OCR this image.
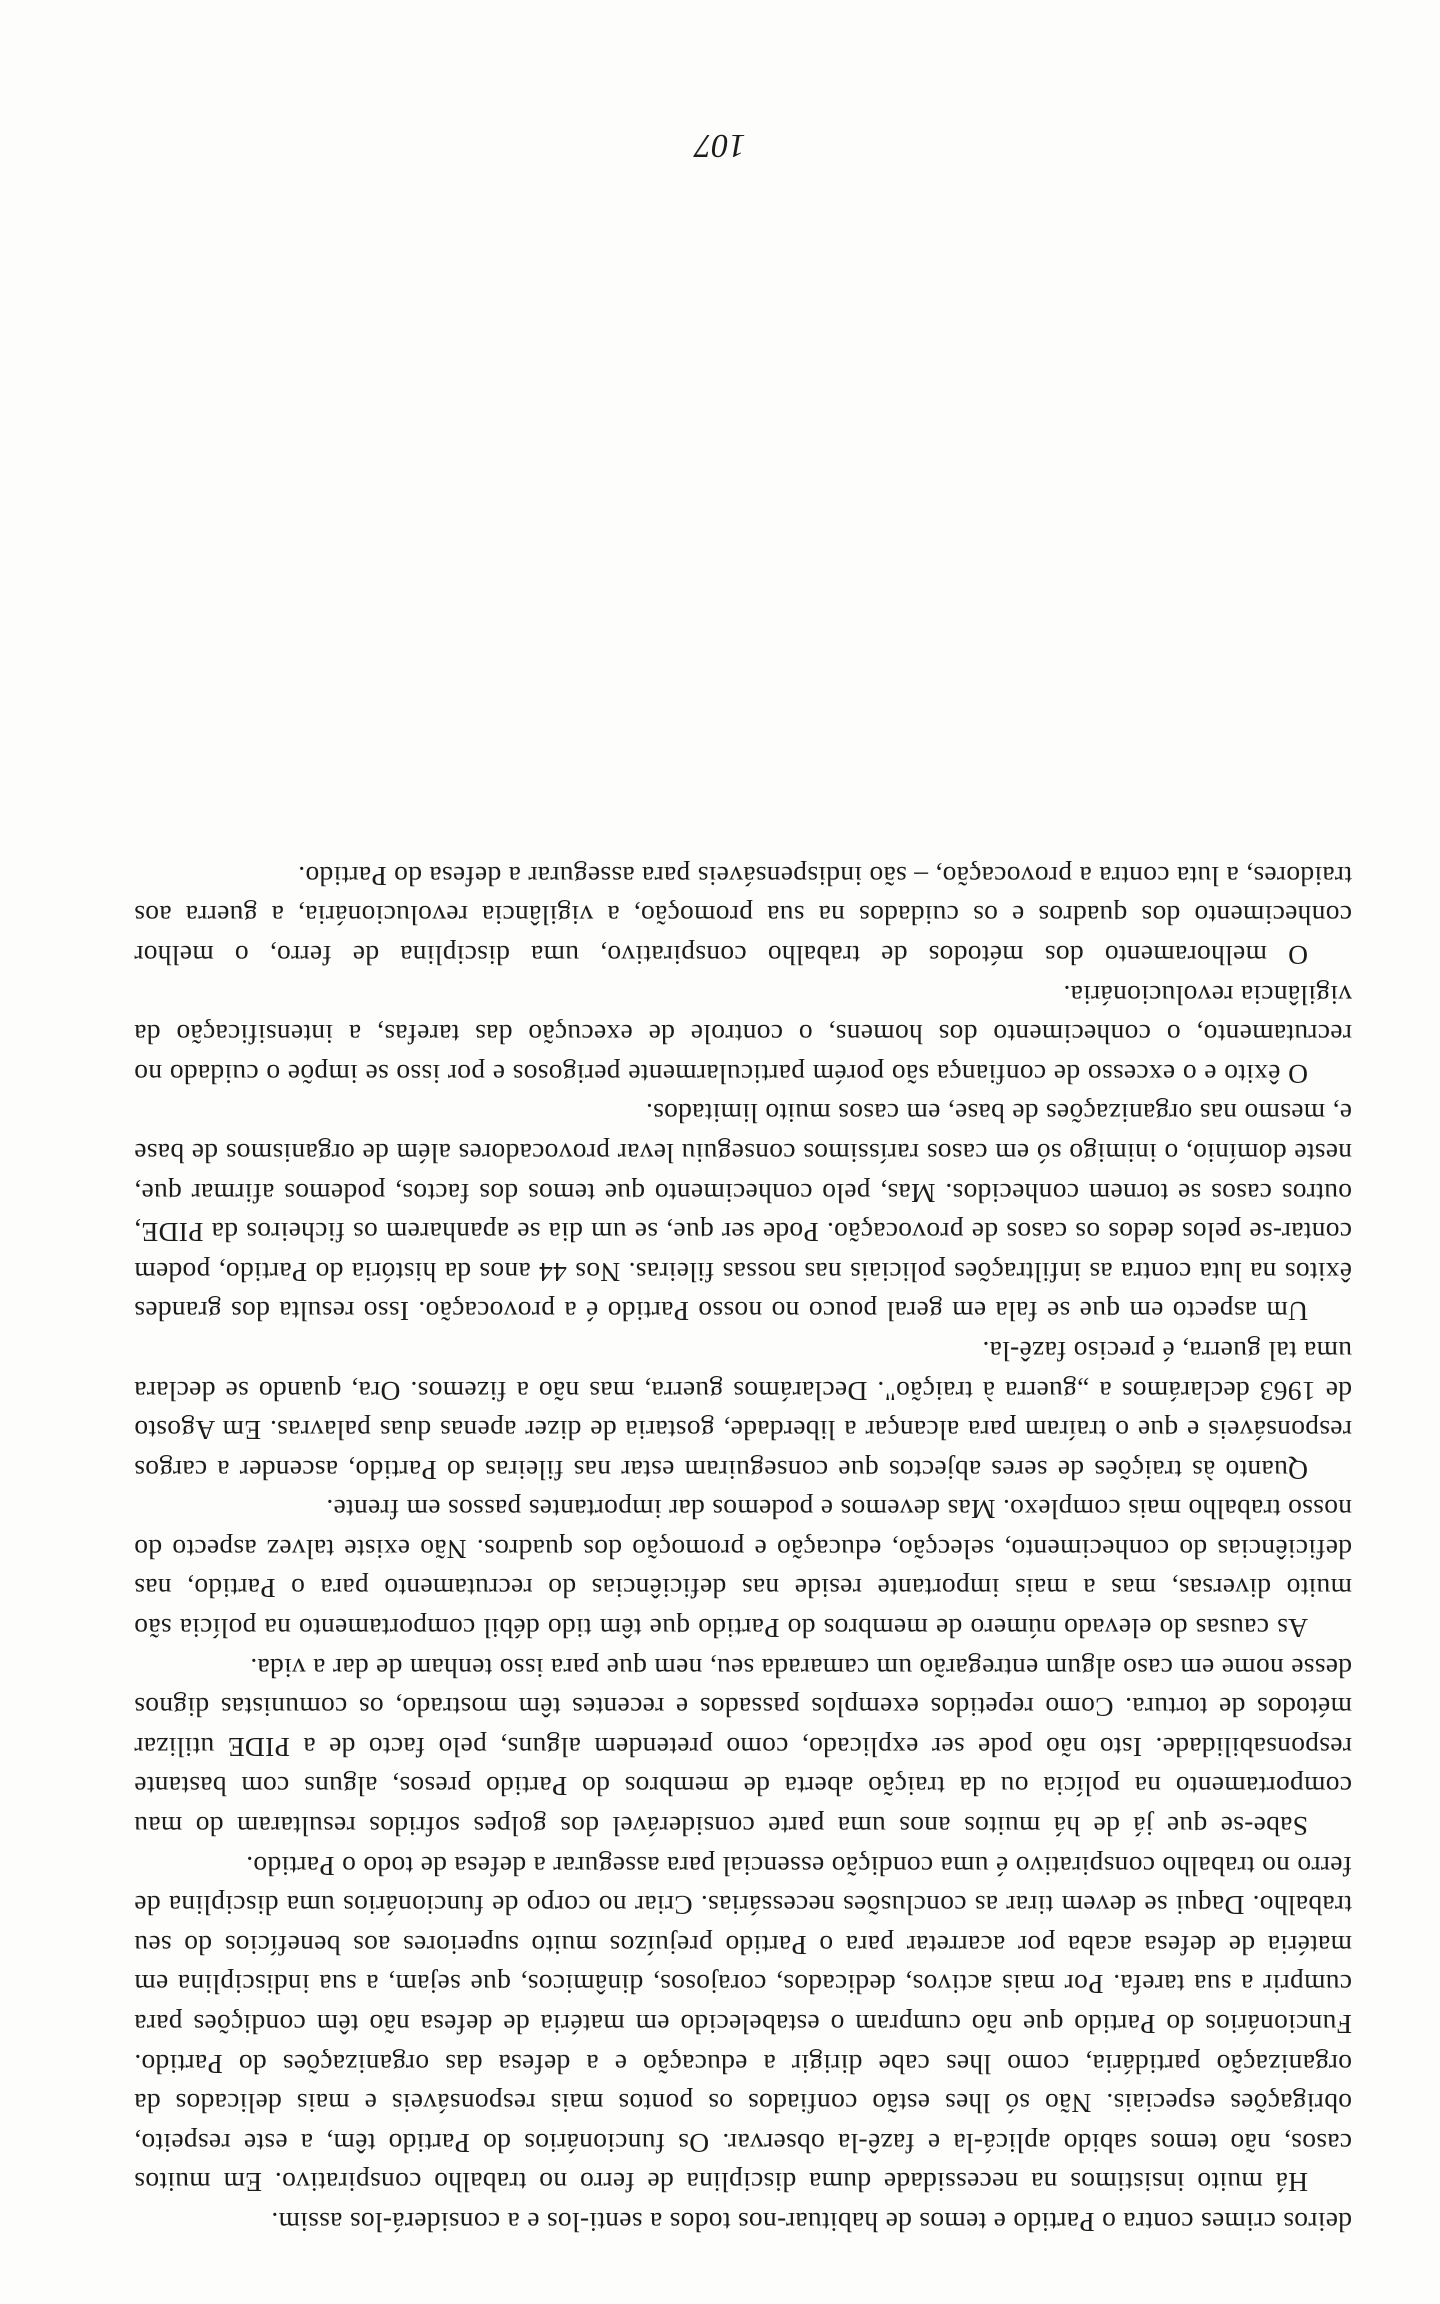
deiros crimes contra o Partido e temos de habituar-nos todos a senti-los e a considerá-los assim.

Há muito insistimos na necessidade duma disciplina de ferro no trabalho conspirativo. Em muitos casos, não temos sabido aplicá-la e fazê-la observar. Os funcionários do Partido têm, a este respeito, obrigações especiais. Não só lhes estão confiados os pontos mais responsáveis e mais delicados da organização partidária, como lhes cabe dirigir a educação e a defesa das organizações do Partido. Funcionários do Partido que não cumpram o estabelecido em matéria de defesa não têm condições para cumprir a sua tarefa. Por mais activos, dedicados, corajosos, dinâmicos, que sejam, a sua indisciplina em matéria de defesa acaba por acarretar para o Partido prejuízos muito superiores aos benefícios do seu trabalho. Daqui se devem tirar as conclusões necessárias. Criar no corpo de funcionários uma disciplina de ferro no trabalho conspirativo é uma condição essencial para assegurar a defesa de todo o Partido.

Sabe-se que já de há muitos anos uma parte considerável dos golpes sofridos resultaram do mau comportamento na polícia ou da traição aberta de membros do Partido presos, alguns com bastante responsabilidade. Isto não pode ser explicado, como pretendem alguns, pelo facto de a PIDE utilizar métodos de tortura. Como repetidos exemplos passados e recentes têm mostrado, os comunistas dignos desse nome em caso algum entregarão um camarada seu, nem que para isso tenham de dar a vida.

As causas do elevado número de membros do Partido que têm tido débil comportamento na polícia são muito diversas, mas a mais importante reside nas deficiências do recrutamento para o Partido, nas deficiências do conhecimento, selecção, educação e promoção dos quadros. Não existe talvez aspecto do nosso trabalho mais complexo. Mas devemos e podemos dar importantes passos em frente.

Quanto às traições de seres abjectos que conseguiram estar nas fileiras do Partido, ascender a cargos responsáveis e que o traíram para alcançar a liberdade, gostaria de dizer apenas duas palavras. Em Agosto de 1963 declarámos a „guerra à traição". Declarámos guerra, mas não a fizemos. Ora, quando se declara uma tal guerra, é preciso fazê-la.

Um aspecto em que se fala em geral pouco no nosso Partido é a provocação. Isso resulta dos grandes êxitos na luta contra as infiltrações policiais nas nossas fileiras. Nos 44 anos da história do Partido, podem contar-se pelos dedos os casos de provocação. Pode ser que, se um dia se apanharem os ficheiros da PIDE, outros casos se tornem conhecidos. Mas, pelo conhecimento que temos dos factos, podemos afirmar que, neste domínio, o inimigo só em casos raríssimos conseguiu levar provocadores além de organismos de base e, mesmo nas organizações de base, em casos muito limitados.

O êxito e o excesso de confiança são porém particularmente perigosos e por isso se impõe o cuidado no recrutamento, o conhecimento dos homens, o controle de execução das tarefas, a intensificação da vigilância revolucionária.

O melhoramento dos métodos de trabalho conspirativo, uma disciplina de ferro, o melhor conhecimento dos quadros e os cuidados na sua promoção, a vigilância revolucionária, a guerra aos traidores, a luta contra a provocação, – são indispensáveis para assegurar a defesa do Partido.

107
